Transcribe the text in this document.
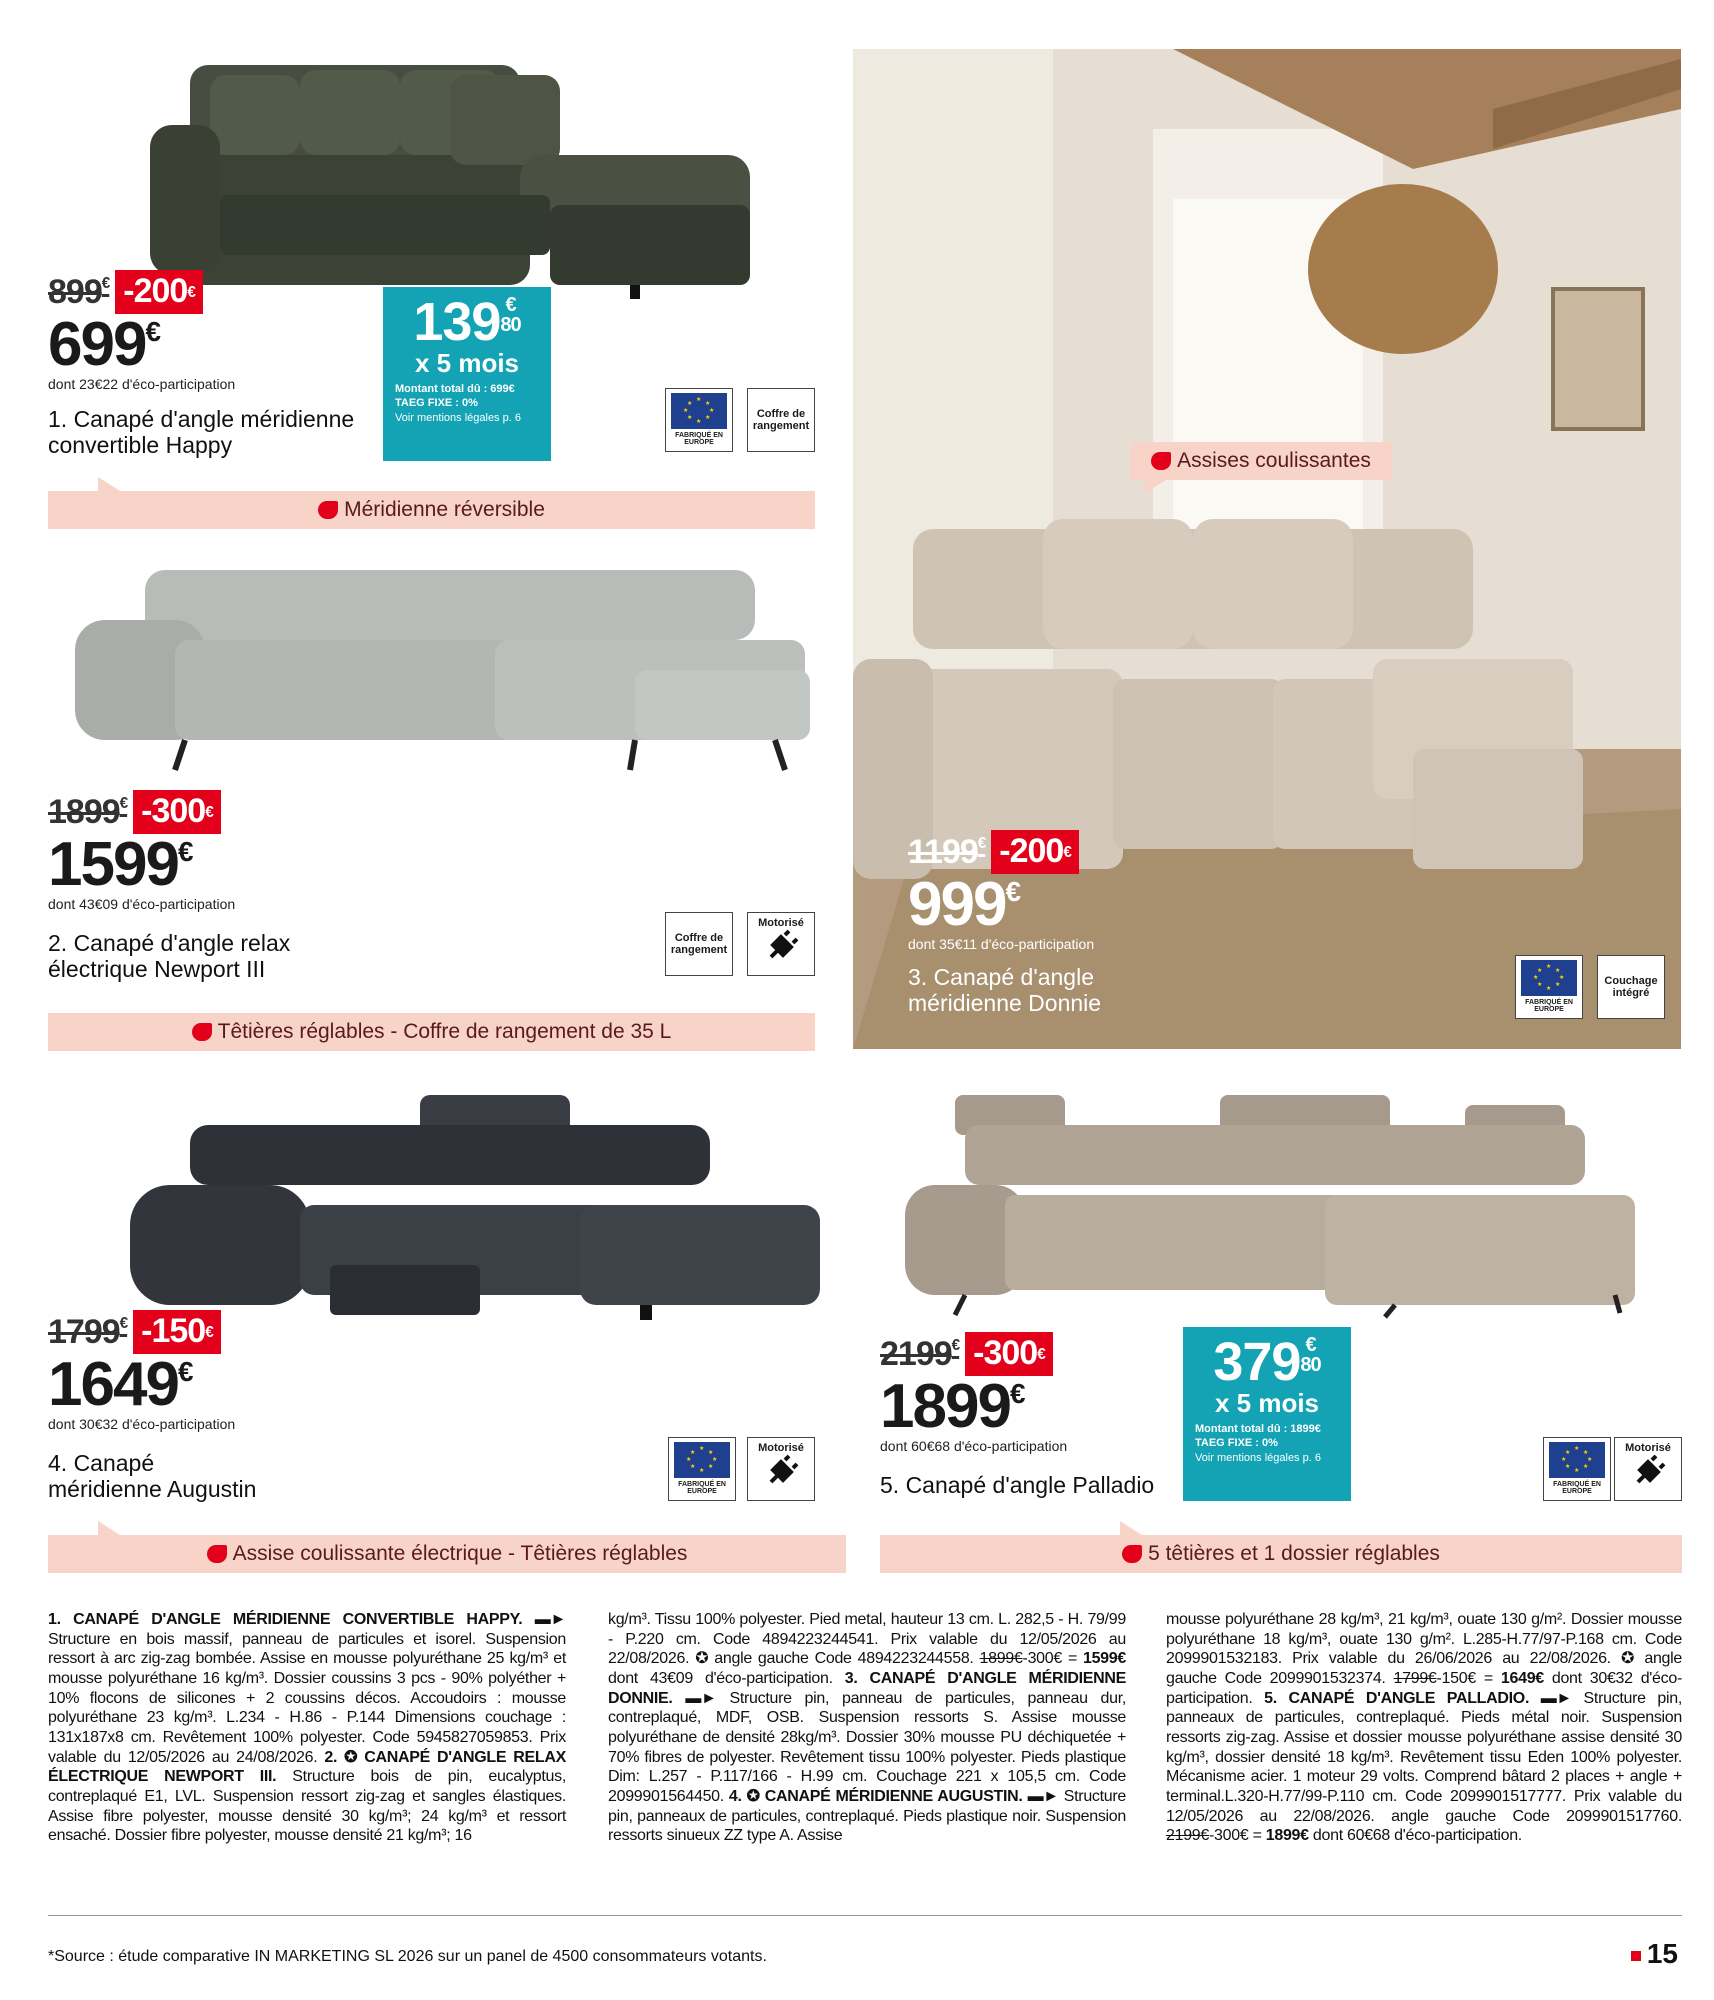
899€ -200€
699€
dont 23€22 d'éco-participation
1. Canapé d'angle méridienne
convertible Happy
139 €
80
x 5 mois
Montant total dû : 699€
TAEG FIXE : 0%
Voir mentions légales p. 6
★
★ ★
★	★
★ ★
★
FABRIQUÉ EN EUROPE
Coffre de rangement
Méridienne réversible
1899€ -300€
1599€
dont 43€09 d'éco-participation
2. Canapé d'angle relax
électrique Newport III
Coffre de rangement
Motorisé
Têtières réglables - Coffre de rangement de 35 L
Assises coulissantes
1199€ -200€
999€
dont 35€11 d'éco-participation
3. Canapé d'angle
méridienne Donnie
★
★ ★
★	★
★ ★
★
FABRIQUÉ EN EUROPE
Couchage intégré
1799€ -150€
1649€
dont 30€32 d'éco-participation
4. Canapé
méridienne Augustin
★
★ ★
★	★
★ ★
★
FABRIQUÉ EN EUROPE
Motorisé
Assise coulissante électrique - Têtières réglables
2199€ -300€
1899€
dont 60€68 d'éco-participation
5. Canapé d'angle Palladio
379 €
80
x 5 mois
Montant total dû : 1899€
TAEG FIXE : 0%
Voir mentions légales p. 6
★
★ ★
★	★
★ ★
★
FABRIQUÉ EN EUROPE
Motorisé
5 têtières et 1 dossier réglables
1. CANAPÉ D'ANGLE MÉRIDIENNE CONVERTIBLE HAPPY. ▬► Structure en bois massif, panneau de particules et isorel. Suspension ressort à arc zig-zag bombée. Assise en mousse polyuréthane 25 kg/m³ et mousse polyuréthane 16 kg/m³. Dossier coussins 3 pcs - 90% polyéther + 10% flocons de silicones + 2 coussins décos. Accoudoirs : mousse polyuréthane 23 kg/m³. L.234 - H.86 - P.144 Dimensions couchage : 131x187x8 cm. Revêtement 100% polyester. Code 5945827059853. Prix valable du 12/05/2026 au 24/08/2026. 2. ✪ CANAPÉ D'ANGLE RELAX ÉLECTRIQUE NEWPORT III. Structure bois de pin, eucalyptus, contreplaqué E1, LVL. Suspension ressort zig-zag et sangles élastiques. Assise fibre polyester, mousse densité 30 kg/m³; 24 kg/m³ et ressort ensaché. Dossier fibre polyester, mousse densité 21 kg/m³; 16
kg/m³. Tissu 100% polyester. Pied metal, hauteur 13 cm. L. 282,5 - H. 79/99 - P.220 cm. Code 4894223244541. Prix valable du 12/05/2026 au 22/08/2026. ✪ angle gauche Code 4894223244558. 1899€-300€ = 1599€ dont 43€09 d'éco-participation. 3. CANAPÉ D'ANGLE MÉRIDIENNE DONNIE. ▬► Structure pin, panneau de particules, panneau dur, contreplaqué, MDF, OSB. Suspension ressorts S. Assise mousse polyuréthane de densité 28kg/m³. Dossier 30% mousse PU déchiquetée + 70% fibres de polyester. Revêtement tissu 100% polyester. Pieds plastique Dim: L.257 - P.117/166 - H.99 cm. Couchage 221 x 105,5 cm. Code 2099901564450. 4. ✪ CANAPÉ MÉRIDIENNE AUGUSTIN. ▬► Structure pin, panneaux de particules, contreplaqué. Pieds plastique noir. Suspension ressorts sinueux ZZ type A. Assise
mousse polyuréthane 28 kg/m³, 21 kg/m³, ouate 130 g/m². Dossier mousse polyuréthane 18 kg/m³, ouate 130 g/m². L.285-H.77/97-P.168 cm. Code 2099901532183. Prix valable du 26/06/2026 au 22/08/2026. ✪ angle gauche Code 2099901532374. 1799€-150€ = 1649€ dont 30€32 d'éco-participation. 5. CANAPÉ D'ANGLE PALLADIO. ▬► Structure pin, panneaux de particules, contreplaqué. Pieds métal noir. Suspension ressorts zig-zag. Assise et dossier mousse polyuréthane assise densité 30 kg/m³, dossier densité 18 kg/m³. Revêtement tissu Eden 100% polyester. Mécanisme acier. 1 moteur 29 volts. Comprend bâtard 2 places + angle + terminal.L.320-H.77/99-P.110 cm. Code 2099901517777. Prix valable du 12/05/2026 au 22/08/2026. angle gauche Code 2099901517760. 2199€-300€ = 1899€ dont 60€68 d'éco-participation.
*Source : étude comparative IN MARKETING SL 2026 sur un panel de 4500 consommateurs votants.	15
